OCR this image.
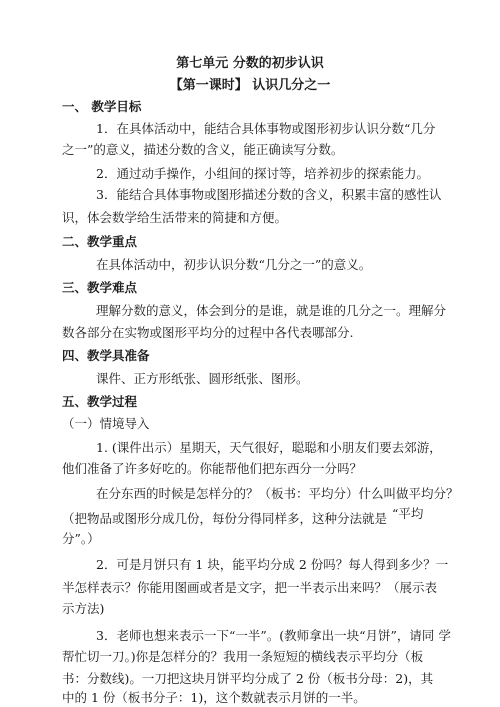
第七单元 分数的初步认识
【第一课时】 认识几分之一
一、 教学目标
1．在具体活动中，能结合具体事物或图形初步认识分数“几分
之一”的意义，描述分数的含义，能正确读写分数。
2．通过动手操作，小组间的探讨等，培养初步的探索能力。
3．能结合具体事物或图形描述分数的含义，积累丰富的感性认
识，体会数学给生活带来的简捷和方便。
二、教学重点
在具体活动中，初步认识分数“几分之一”的意义。
三、教学难点
理解分数的意义，体会到分的是谁，就是谁的几分之一。理解分
数各部分在实物或图形平均分的过程中各代表哪部分.
四、教学具准备
课件、正方形纸张、圆形纸张、图形。
五、教学过程
（一）情境导入
1. (课件出示）星期天，天气很好，聪聪和小朋友们要去郊游，
他们准备了许多好吃的。你能帮他们把东西分一分吗？
在分东西的时候是怎样分的？（板书：平均分）什么叫做平均分？
（把物品或图形分成几份，每份分得同样多，这种分法就是 “平均
分”。）
2．可是月饼只有 1 块，能平均分成 2 份吗？每人得到多少？一
半怎样表示？你能用图画或者是文字，把一半表示出来吗？（展示表
示方法)
3．老师也想来表示一下“一半”。(教师拿出一块“月饼”，请同 学
帮忙切一刀。)你是怎样分的？我用一条短短的横线表示平均分（板
书：分数线)。一刀把这块月饼平均分成了 2 份（板书分母：2)，其
中的 1 份（板书分子：1)，这个数就表示月饼的一半。
